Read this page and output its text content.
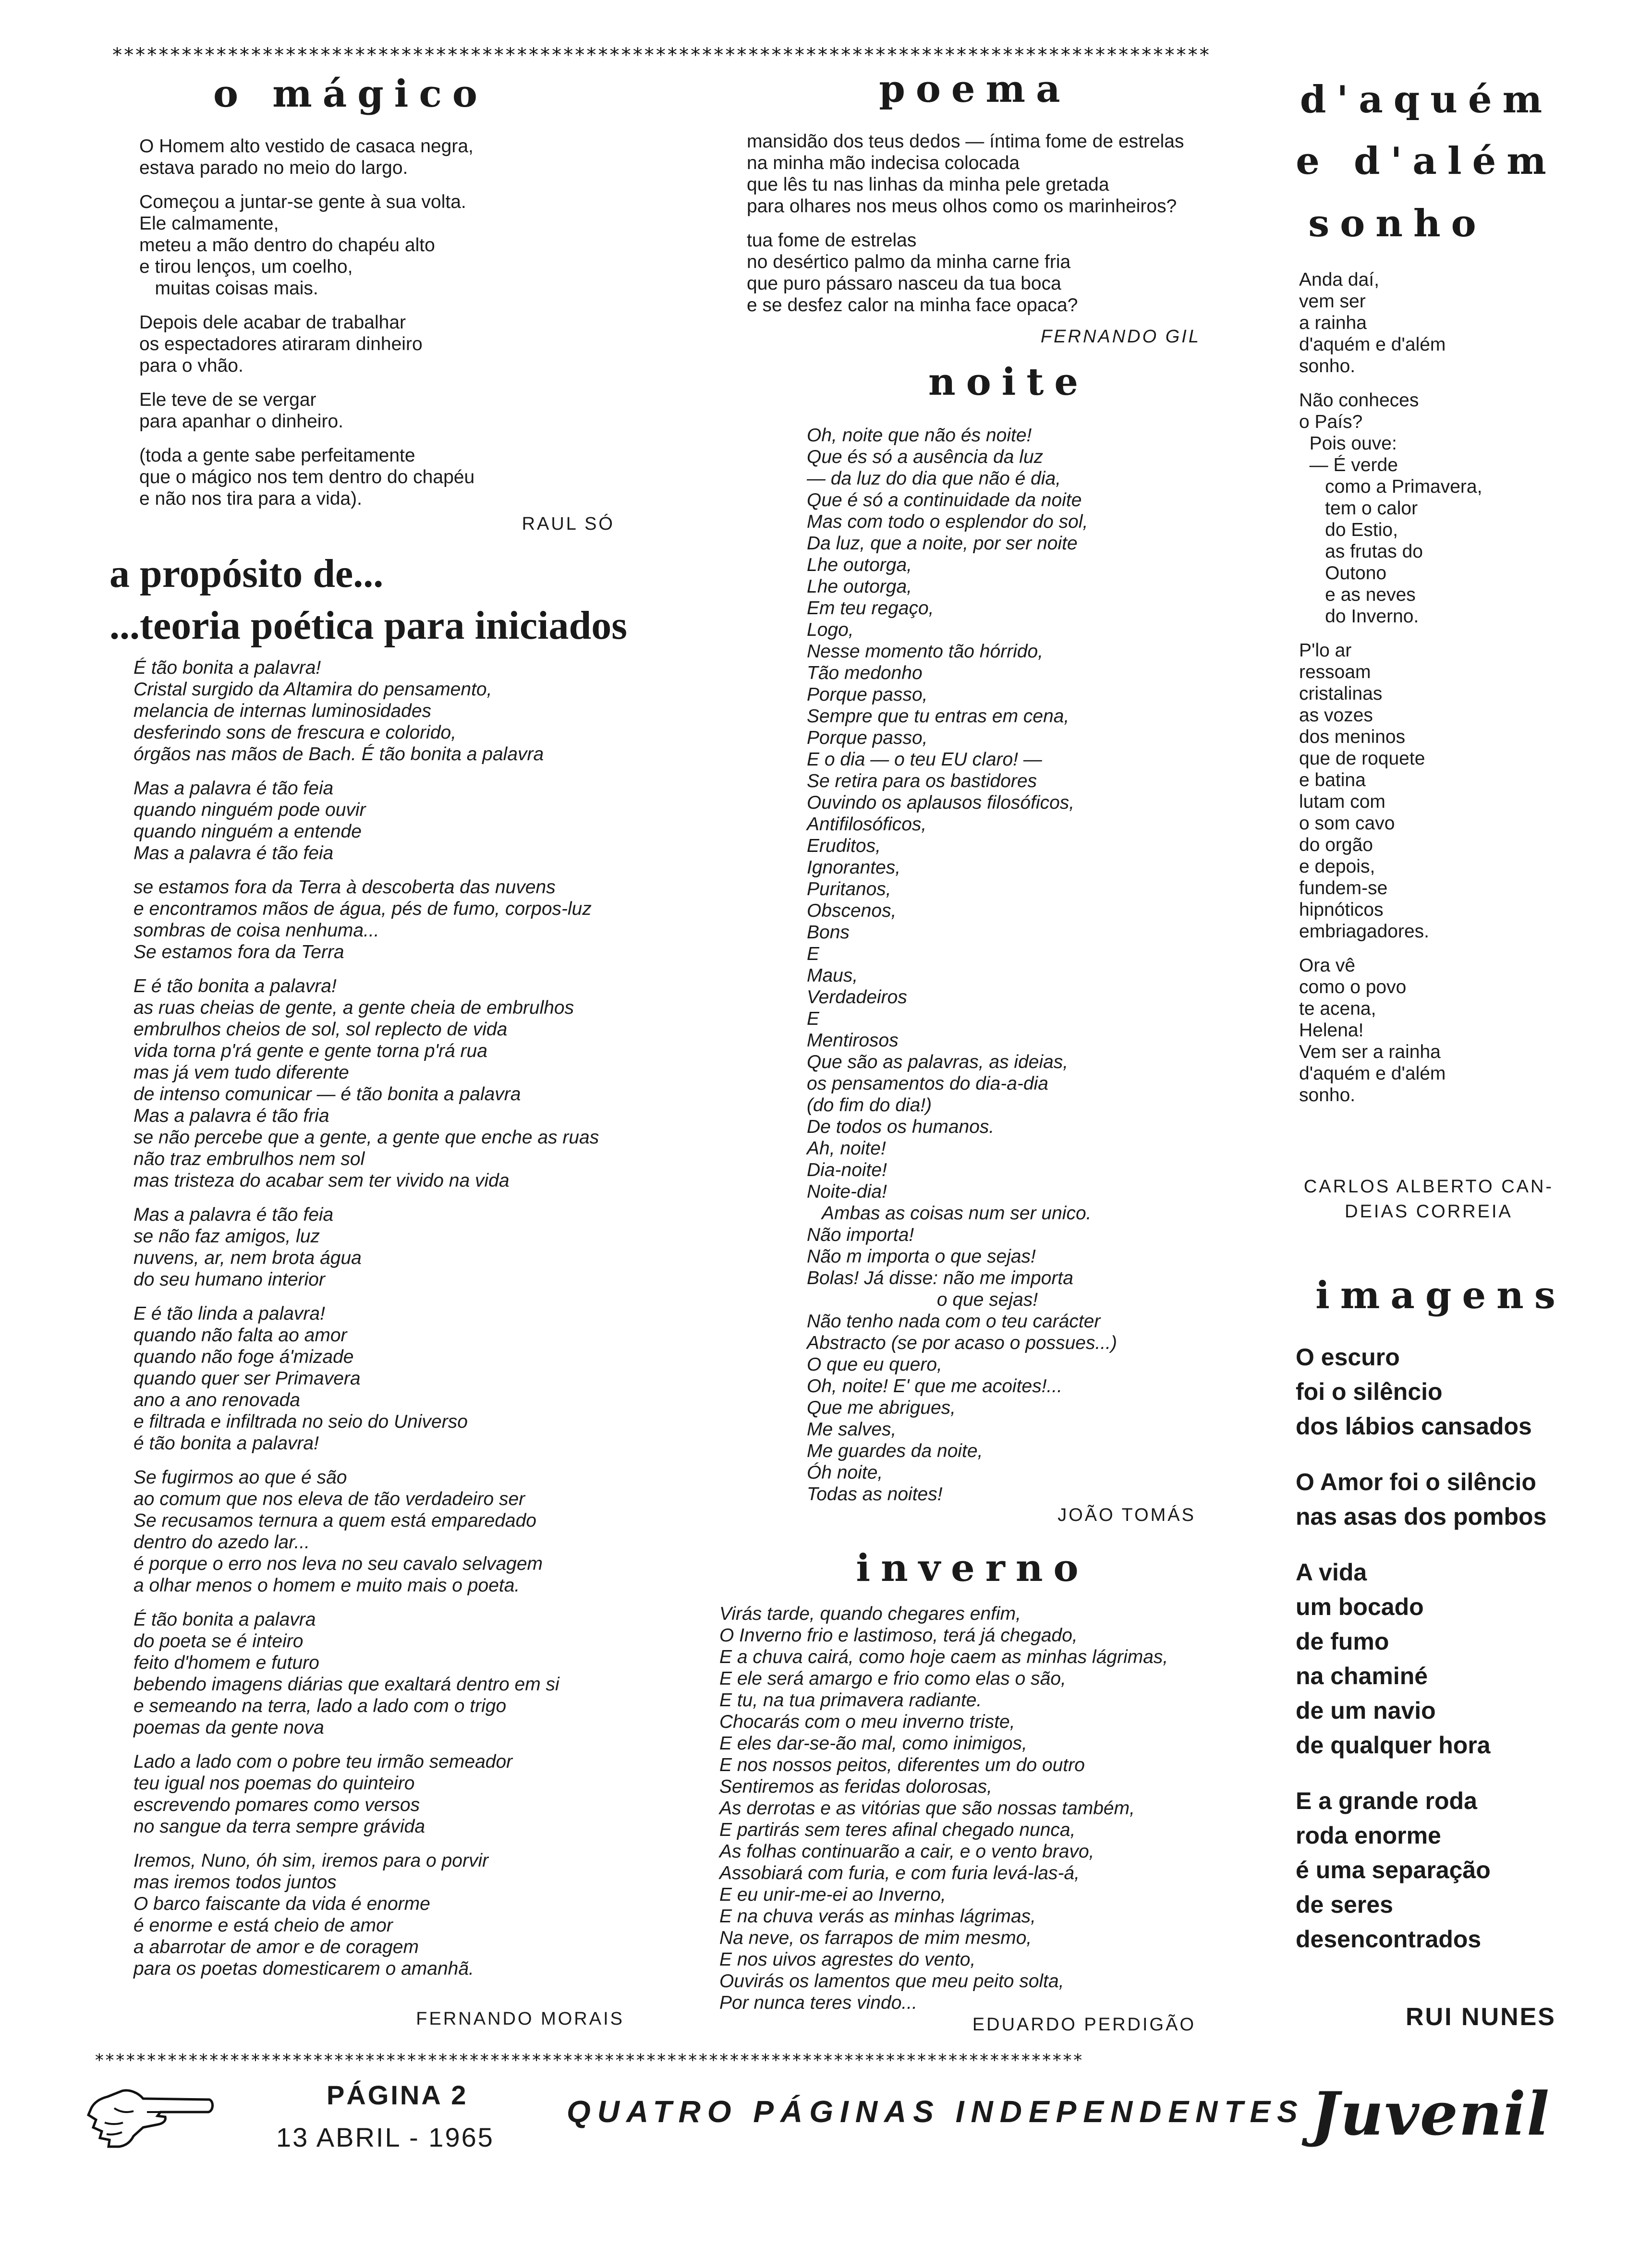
***********************************************************************************************
o mágico
O Homem alto vestido de casaca negra,
estava parado no meio do largo.
Começou a juntar-se gente à sua volta.
Ele calmamente,
meteu a mão dentro do chapéu alto
e tirou lenços, um coelho,
muitas coisas mais.
Depois dele acabar de trabalhar
os espectadores atiraram dinheiro
para o vhão.
Ele teve de se vergar
para apanhar o dinheiro.
(toda a gente sabe perfeitamente
que o mágico nos tem dentro do chapéu
e não nos tira para a vida).
RAUL SÓ
a propósito de...
...teoria poética para iniciados
É tão bonita a palavra!
Cristal surgido da Altamira do pensamento,
melancia de internas luminosidades
desferindo sons de frescura e colorido,
órgãos nas mãos de Bach. É tão bonita a palavra
Mas a palavra é tão feia
quando ninguém pode ouvir
quando ninguém a entende
Mas a palavra é tão feia
se estamos fora da Terra à descoberta das nuvens
e encontramos mãos de água, pés de fumo, corpos-luz
sombras de coisa nenhuma...
Se estamos fora da Terra
E é tão bonita a palavra!
as ruas cheias de gente, a gente cheia de embrulhos
embrulhos cheios de sol, sol replecto de vida
vida torna p'rá gente e gente torna p'rá rua
mas já vem tudo diferente
de intenso comunicar — é tão bonita a palavra
Mas a palavra é tão fria
se não percebe que a gente, a gente que enche as ruas
não traz embrulhos nem sol
mas tristeza do acabar sem ter vivido na vida
Mas a palavra é tão feia
se não faz amigos, luz
nuvens, ar, nem brota água
do seu humano interior
E é tão linda a palavra!
quando não falta ao amor
quando não foge á'mizade
quando quer ser Primavera
ano a ano renovada
e filtrada e infiltrada no seio do Universo
é tão bonita a palavra!
Se fugirmos ao que é são
ao comum que nos eleva de tão verdadeiro ser
Se recusamos ternura a quem está emparedado
dentro do azedo lar...
é porque o erro nos leva no seu cavalo selvagem
a olhar menos o homem e muito mais o poeta.
É tão bonita a palavra
do poeta se é inteiro
feito d'homem e futuro
bebendo imagens diárias que exaltará dentro em si
e semeando na terra, lado a lado com o trigo
poemas da gente nova
Lado a lado com o pobre teu irmão semeador
teu igual nos poemas do quinteiro
escrevendo pomares como versos
no sangue da terra sempre grávida
Iremos, Nuno, óh sim, iremos para o porvir
mas iremos todos juntos
O barco faiscante da vida é enorme
é enorme e está cheio de amor
a abarrotar de amor e de coragem
para os poetas domesticarem o amanhã.
FERNANDO MORAIS
poema
mansidão dos teus dedos — íntima fome de estrelas
na minha mão indecisa colocada
que lês tu nas linhas da minha pele gretada
para olhares nos meus olhos como os marinheiros?
tua fome de estrelas
no desértico palmo da minha carne fria
que puro pássaro nasceu da tua boca
e se desfez calor na minha face opaca?
FERNANDO GIL
noite
Oh, noite que não és noite!
Que és só a ausência da luz
— da luz do dia que não é dia,
Que é só a continuidade da noite
Mas com todo o esplendor do sol,
Da luz, que a noite, por ser noite
Lhe outorga,
Lhe outorga,
Em teu regaço,
Logo,
Nesse momento tão hórrido,
Tão medonho
Porque passo,
Sempre que tu entras em cena,
Porque passo,
E o dia — o teu EU claro! —
Se retira para os bastidores
Ouvindo os aplausos filosóficos,
Antifilosóficos,
Eruditos,
Ignorantes,
Puritanos,
Obscenos,
Bons
E
Maus,
Verdadeiros
E
Mentirosos
Que são as palavras, as ideias,
os pensamentos do dia-a-dia
(do fim do dia!)
De todos os humanos.
Ah, noite!
Dia-noite!
Noite-dia!
Ambas as coisas num ser unico.
Não importa!
Não m importa o que sejas!
Bolas! Já disse: não me importa
o que sejas!
Não tenho nada com o teu carácter
Abstracto (se por acaso o possues...)
O que eu quero,
Oh, noite! E' que me acoites!...
Que me abrigues,
Me salves,
Me guardes da noite,
Óh noite,
Todas as noites!
JOÃO TOMÁS
inverno
Virás tarde, quando chegares enfim,
O Inverno frio e lastimoso, terá já chegado,
E a chuva cairá, como hoje caem as minhas lágrimas,
E ele será amargo e frio como elas o são,
E tu, na tua primavera radiante.
Chocarás com o meu inverno triste,
E eles dar-se-ão mal, como inimigos,
E nos nossos peitos, diferentes um do outro
Sentiremos as feridas dolorosas,
As derrotas e as vitórias que são nossas também,
E partirás sem teres afinal chegado nunca,
As folhas continuarão a cair, e o vento bravo,
Assobiará com furia, e com furia levá-las-á,
E eu unir-me-ei ao Inverno,
E na chuva verás as minhas lágrimas,
Na neve, os farrapos de mim mesmo,
E nos uivos agrestes do vento,
Ouvirás os lamentos que meu peito solta,
Por nunca teres vindo...
EDUARDO PERDIGÃO
d'aquém
e d'além
sonho
Anda daí,
vem ser
a rainha
d'aquém e d'além
sonho.
Não conheces
o País?
Pois ouve:
— É verde
como a Primavera,
tem o calor
do Estio,
as frutas do
Outono
e as neves
do Inverno.
P'lo ar
ressoam
cristalinas
as vozes
dos meninos
que de roquete
e batina
lutam com
o som cavo
do orgão
e depois,
fundem-se
hipnóticos
embriagadores.
Ora vê
como o povo
te acena,
Helena!
Vem ser a rainha
d'aquém e d'além
sonho.
CARLOS ALBERTO CAN-
DEIAS CORREIA
imagens
O escuro
foi o silêncio
dos lábios cansados
O Amor foi o silêncio
nas asas dos pombos
A vida
um bocado
de fumo
na chaminé
de um navio
de qualquer hora
E a grande roda
roda enorme
é uma separação
de seres
desencontrados
RUI NUNES
***********************************************************************************************
PÁGINA 2
13 ABRIL - 1965
QUATRO PÁGINAS INDEPENDENTES Juvenil
